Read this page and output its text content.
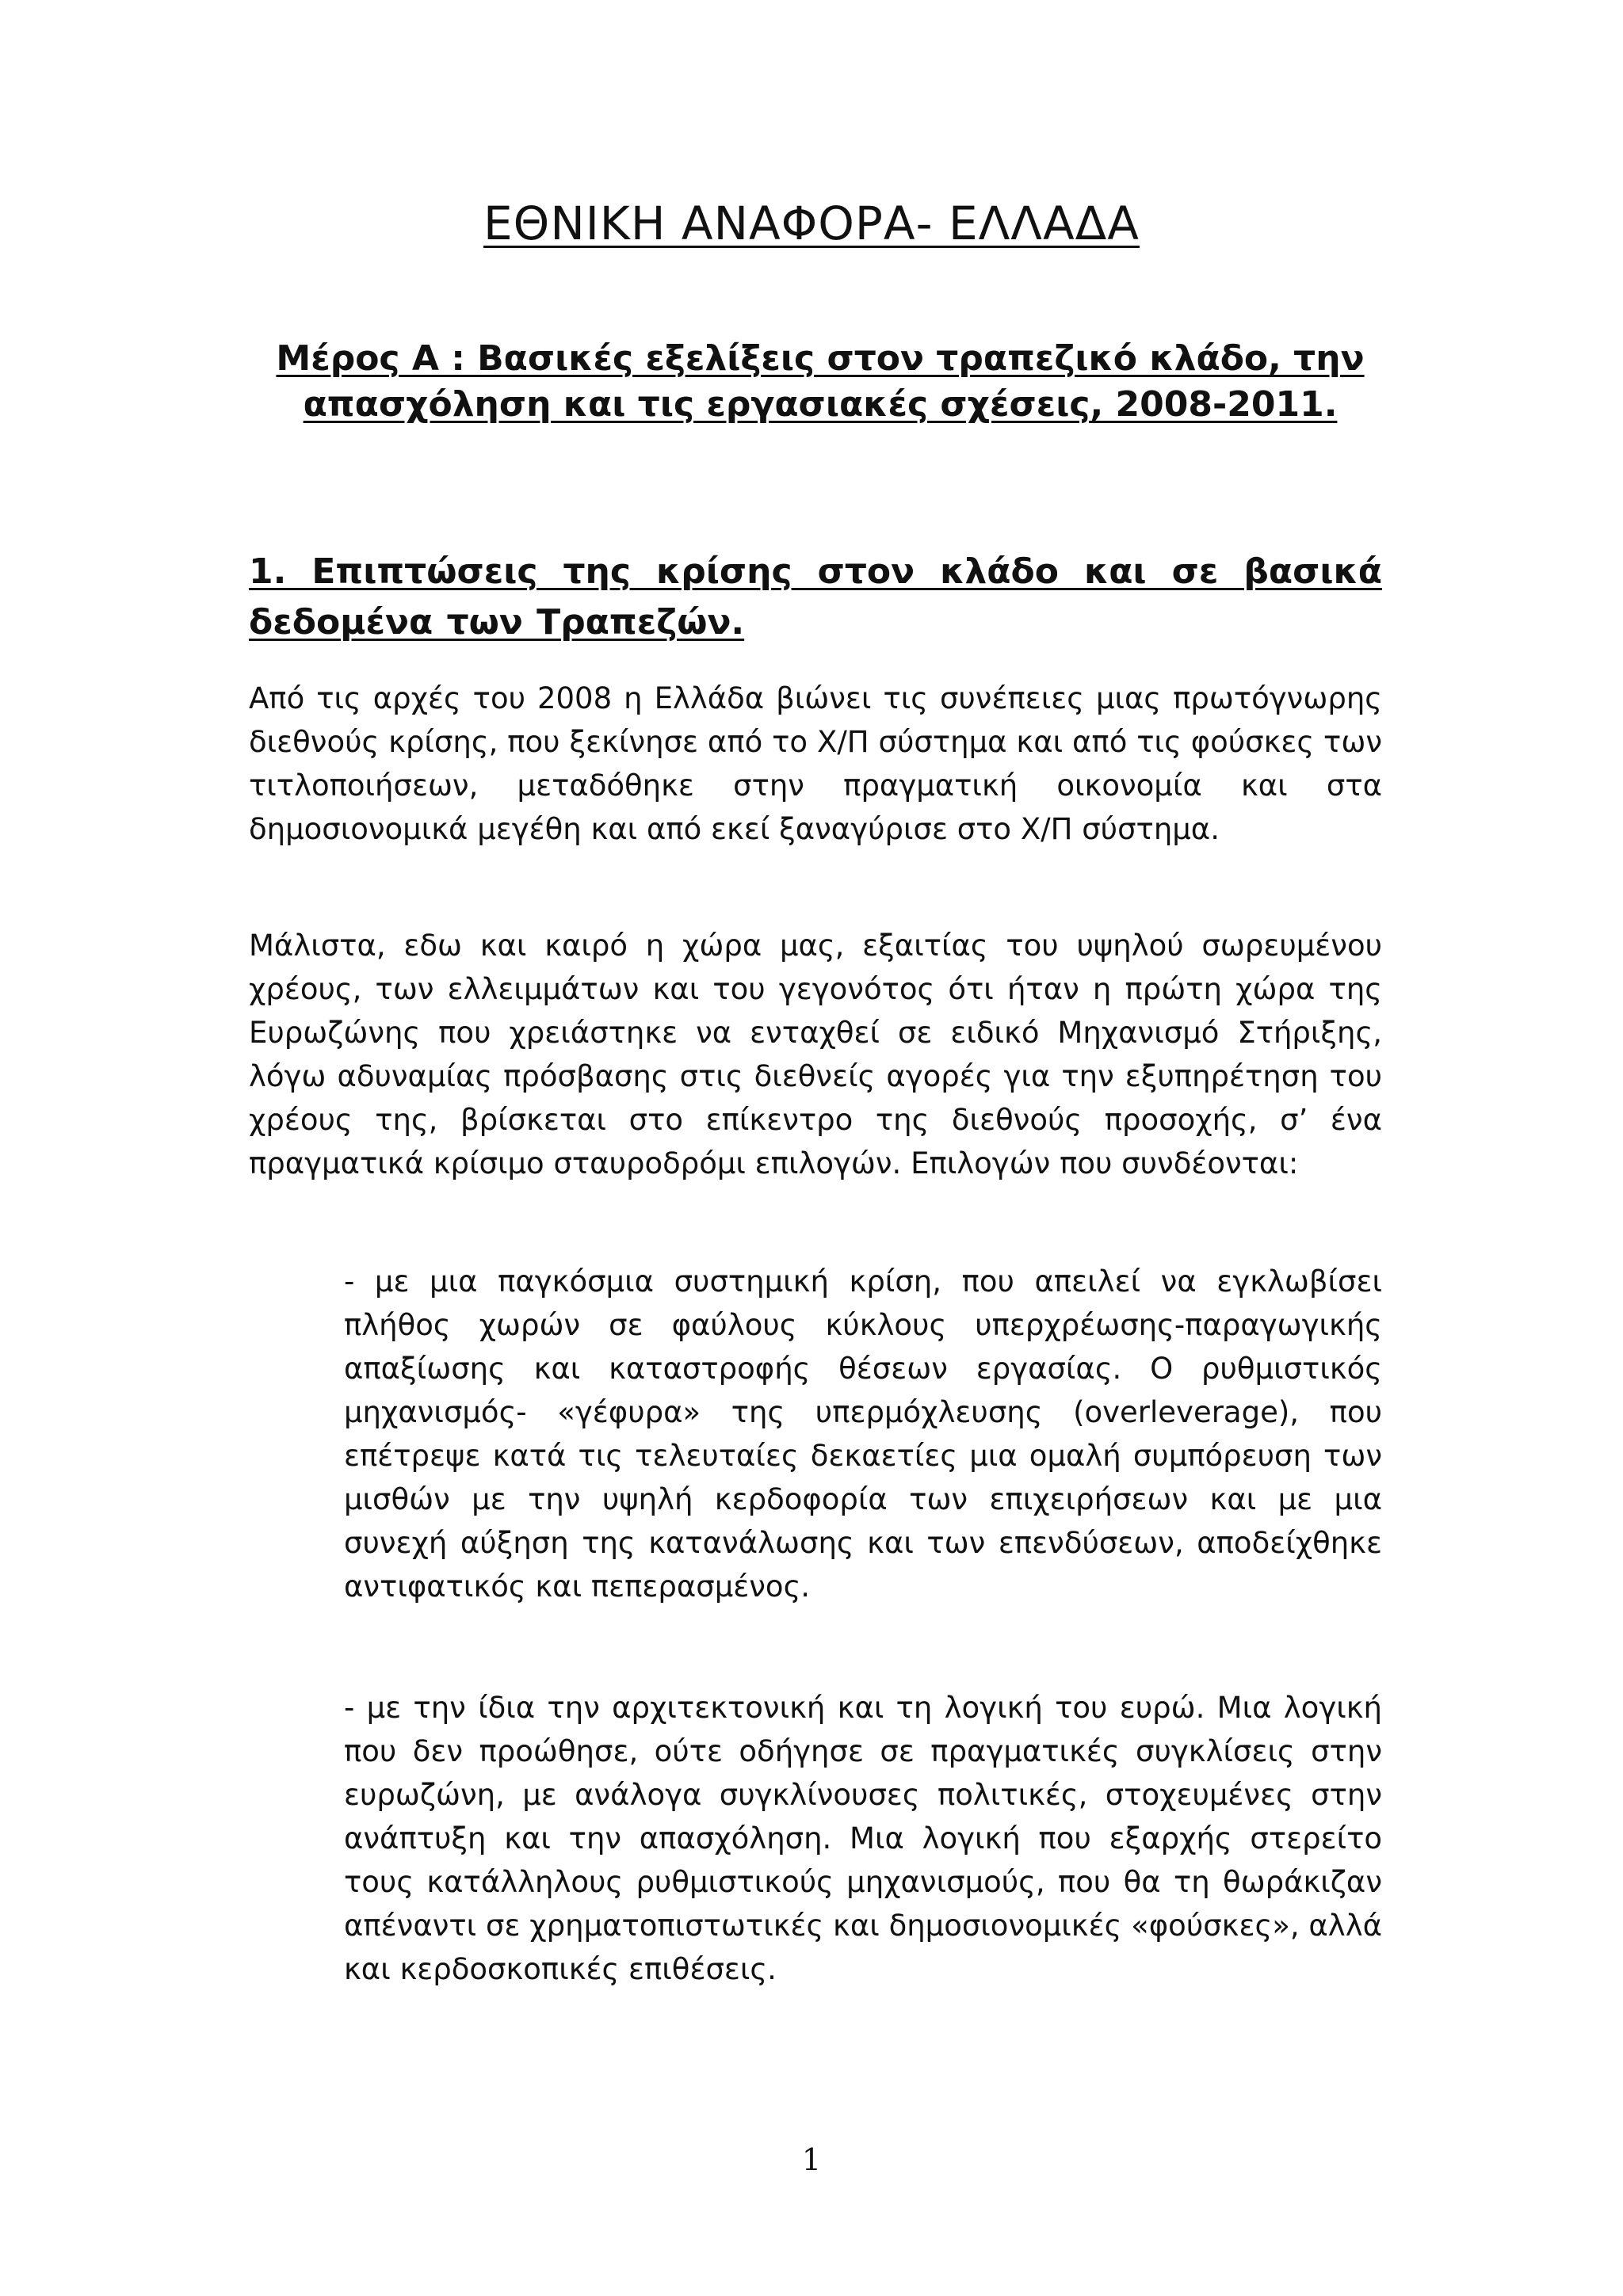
ΕΘΝΙΚΗ ΑΝΑΦΟΡΑ- ΕΛΛΑΔΑ
Μέρος Α : Βασικές εξελίξεις στον τραπεζικό κλάδο, την απασχόληση και τις εργασιακές σχέσεις, 2008-2011.
1. Επιπτώσεις της κρίσης στον κλάδο και σε βασικά δεδομένα των Τραπεζών.

Από τις αρχές του 2008 η Ελλάδα βιώνει τις συνέπειες μιας πρωτόγνωρης διεθνούς κρίσης, που ξεκίνησε από το Χ/Π σύστημα και από τις φούσκες των τιτλοποιήσεων, μεταδόθηκε στην πραγματική οικονομία και στα δημοσιονομικά μεγέθη και από εκεί ξαναγύρισε στο Χ/Π σύστημα.

Μάλιστα, εδω και καιρό η χώρα μας, εξαιτίας του υψηλού σωρευμένου χρέους, των ελλειμμάτων και του γεγονότος ότι ήταν η πρώτη χώρα της Ευρωζώνης που χρειάστηκε να ενταχθεί σε ειδικό Μηχανισμό Στήριξης, λόγω αδυναμίας πρόσβασης στις διεθνείς αγορές για την εξυπηρέτηση του χρέους της, βρίσκεται στο επίκεντρο της διεθνούς προσοχής, σ’ ένα πραγματικά κρίσιμο σταυροδρόμι επιλογών. Επιλογών που συνδέονται:

- με μια παγκόσμια συστημική κρίση, που απειλεί να εγκλωβίσει πλήθος χωρών σε φαύλους κύκλους υπερχρέωσης-παραγωγικής απαξίωσης και καταστροφής θέσεων εργασίας. Ο ρυθμιστικός μηχανισμός- «γέφυρα» της υπερμόχλευσης (overleverage), που επέτρεψε κατά τις τελευταίες δεκαετίες μια ομαλή συμπόρευση των μισθών με την υψηλή κερδοφορία των επιχειρήσεων και με μια συνεχή αύξηση της κατανάλωσης και των επενδύσεων, αποδείχθηκε αντιφατικός και πεπερασμένος.

- με την ίδια την αρχιτεκτονική και τη λογική του ευρώ. Μια λογική που δεν προώθησε, ούτε οδήγησε σε πραγματικές συγκλίσεις στην ευρωζώνη, με ανάλογα συγκλίνουσες πολιτικές, στοχευμένες στην ανάπτυξη και την απασχόληση. Μια λογική που εξαρχής στερείτο τους κατάλληλους ρυθμιστικούς μηχανισμούς, που θα τη θωράκιζαν απέναντι σε χρηματοπιστωτικές και δημοσιονομικές «φούσκες», αλλά και κερδοσκοπικές επιθέσεις.

1
